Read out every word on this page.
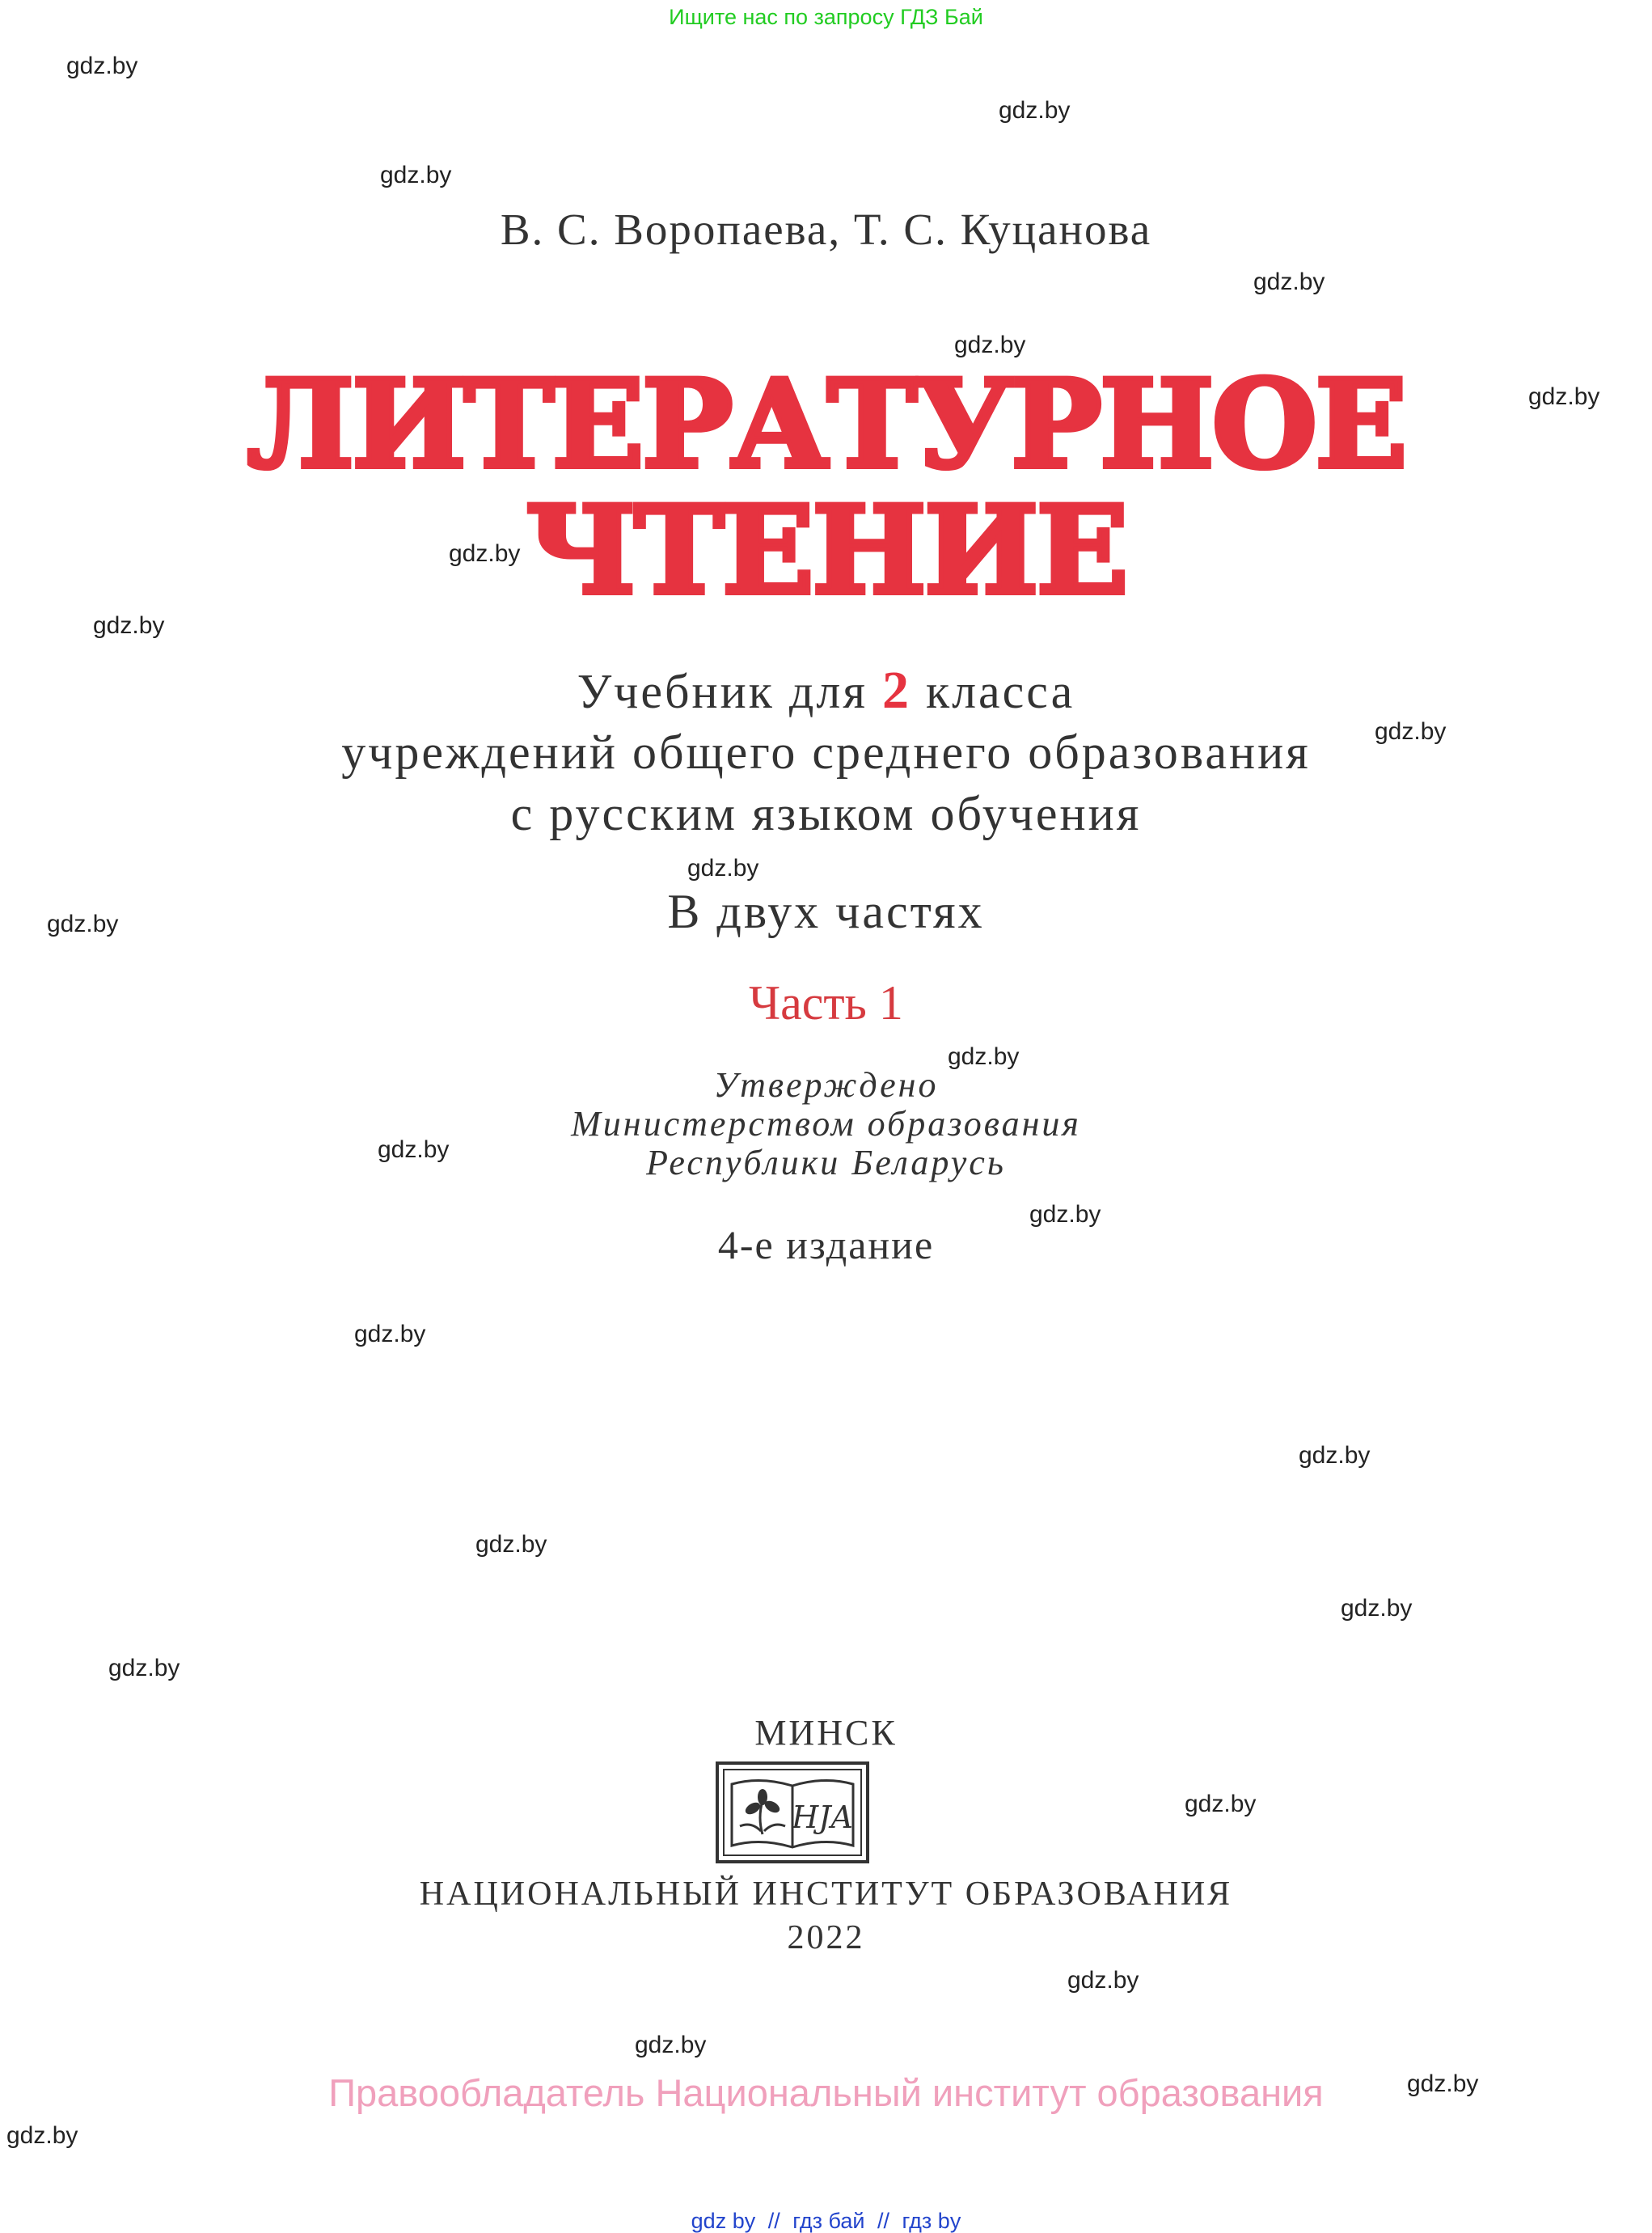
Ищите нас по запросу ГДЗ Бай
В. С. Воропаева, Т. С. Куцанова
ЛИТЕРАТУРНОЕ
ЧТЕНИЕ
Учебник для 2 класса
учреждений общего среднего образования
с русским языком обучения
В двух частях
Часть 1
Утверждено
Министерством образования
Республики Беларусь
4-е издание
МИНСК
HJA
НАЦИОНАЛЬНЫЙ ИНСТИТУТ ОБРАЗОВАНИЯ
2022
Правообладатель Национальный институт образования
gdz by // гдз бай // гдз by
gdz.by
gdz.by
gdz.by
gdz.by
gdz.by
gdz.by
gdz.by
gdz.by
gdz.by
gdz.by
gdz.by
gdz.by
gdz.by
gdz.by
gdz.by
gdz.by
gdz.by
gdz.by
gdz.by
gdz.by
gdz.by
gdz.by
gdz.by
gdz.by
